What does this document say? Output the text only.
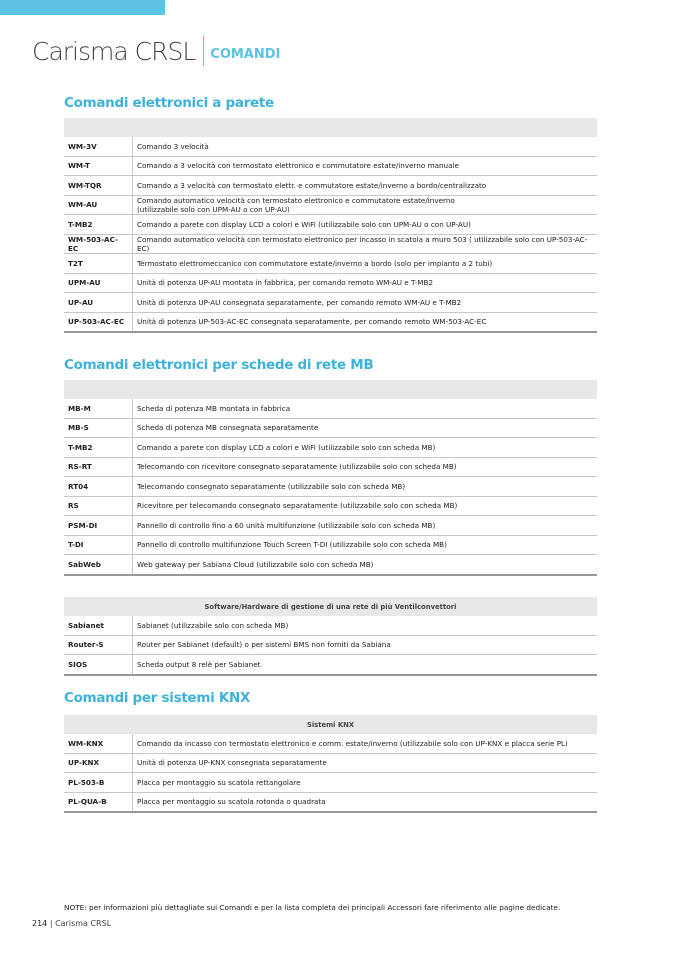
Carisma CRSL COMANDI
Comandi elettronici a parete

WM-3V	Comando 3 velocità
WM-T	Comando a 3 velocità con termostato elettronico e commutatore estate/inverno manuale
WM-TQR	Comando a 3 velocità con termostato elettr. e commutatore estate/inverno a bordo/centralizzato
WM-AU	Comando automatico velocità con termostato elettronico e commutatore estate/inverno
(utilizzabile solo con UPM-AU o con UP-AU)
T-MB2	Comando a parete con display LCD a colori e WiFi (utilizzabile solo con UPM-AU o con UP-AU)
WM-503-AC-EC	Comando automatico velocità con termostato elettronico per incasso in scatola a muro 503 ( utilizzabile solo con UP-503-AC-EC)
T2T	Termostato elettromeccanico con commutatore estate/inverno a bordo (solo per impianto a 2 tubi)
UPM-AU	Unità di potenza UP-AU montata in fabbrica, per comando remoto WM-AU e T-MB2
UP-AU	Unità di potenza UP-AU consegnata separatamente, per comando remoto WM-AU e T-MB2
UP-503-AC-EC	Unità di potenza UP-503-AC-EC consegnata separatamente, per comando remoto WM-503-AC-EC
Comandi elettronici per schede di rete MB

MB-M	Scheda di potenza MB montata in fabbrica
MB-S	Scheda di potenza MB consegnata separatamente
T-MB2	Comando a parete con display LCD a colori e WiFi (utilizzabile solo con scheda MB)
RS-RT	Telecomando con ricevitore consegnato separatamente (utilizzabile solo con scheda MB)
RT04	Telecomando consegnato separatamente (utilizzabile solo con scheda MB)
RS	Ricevitore per telecomando consegnato separatamente (utilizzabile solo con scheda MB)
PSM-DI	Pannello di controllo fino a 60 unità multifunzione (utilizzabile solo con scheda MB)
T-DI	Pannello di controllo multifunzione Touch Screen T-DI (utilizzabile solo con scheda MB)
SabWeb	Web gateway per Sabiana Cloud (utilizzabile solo con scheda MB)
Software/Hardware di gestione di una rete di più Ventilconvettori	
Sabianet	Sabianet (utilizzabile solo con scheda MB)
Router-S	Router per Sabianet (default) o per sistemi BMS non forniti da Sabiana
SIOS	Scheda output 8 relè per Sabianet
Comandi per sistemi KNX
Sistemi KNX	
WM-KNX	Comando da incasso con termostato elettronico e comm. estate/inverno (utilizzabile solo con UP-KNX e placca serie PL)
UP-KNX	Unità di potenza UP-KNX consegnata separatamente
PL-503-B	Placca per montaggio su scatola rettangolare
PL-QUA-B	Placca per montaggio su scatola rotonda o quadrata
NOTE: per informazioni più dettagliate sui Comandi e per la lista completa dei principali Accessori fare riferimento alle pagine dedicate.
214 | Carisma CRSL
